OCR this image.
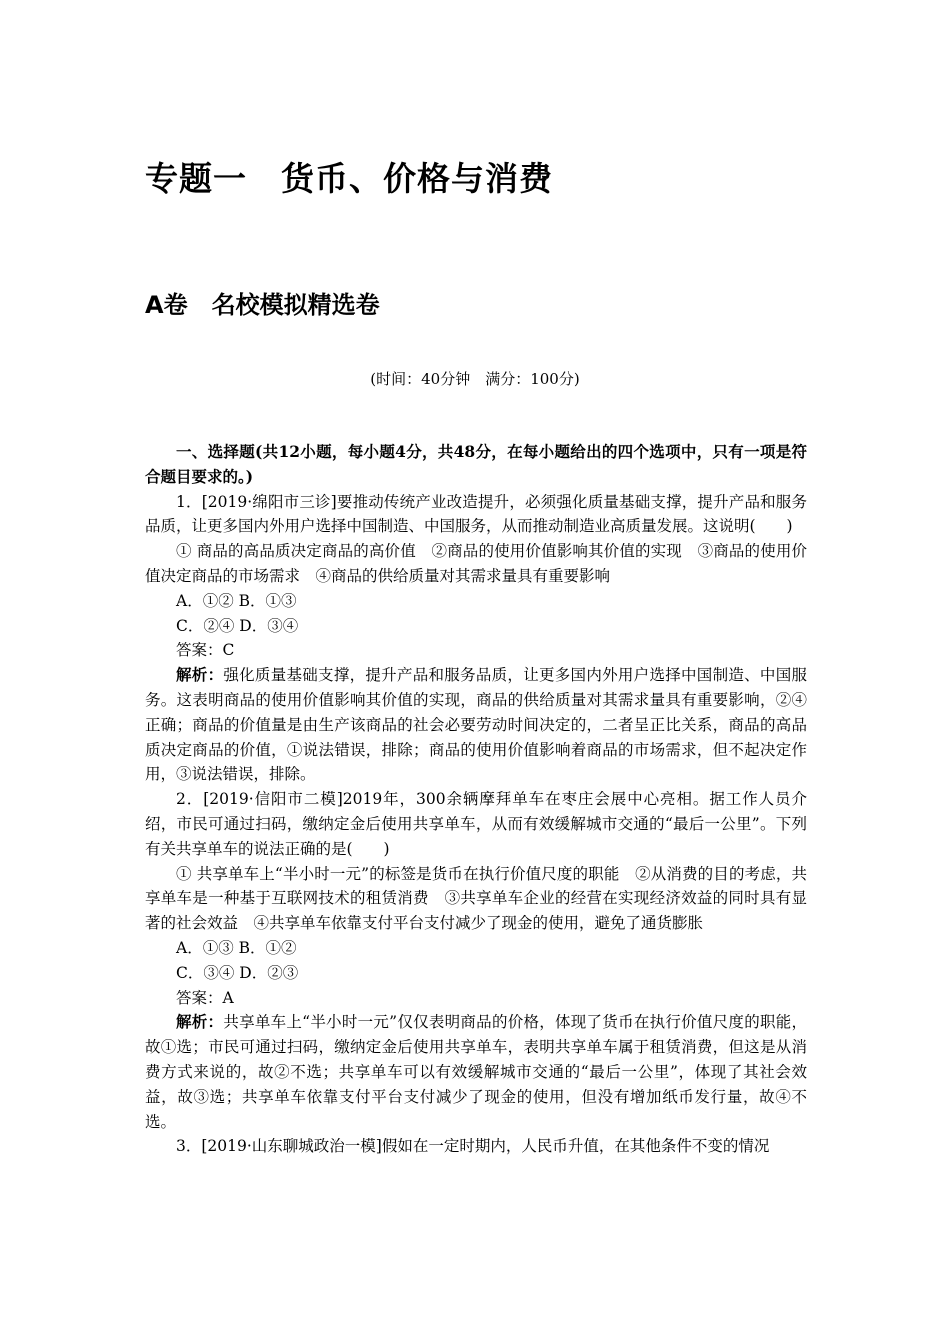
专题一　货币、价格与消费
A卷　名校模拟精选卷
(时间：40分钟　满分：100分)

一、选择题(共12小题，每小题4分，共48分，在每小题给出的四个选项中，只有一项是符合题目要求的。)

1．[2019·绵阳市三诊]要推动传统产业改造提升，必须强化质量基础支撑，提升产品和服务品质，让更多国内外用户选择中国制造、中国服务，从而推动制造业高质量发展。这说明(　　)

① 商品的高品质决定商品的高价值　②商品的使用价值影响其价值的实现　③商品的使用价值决定商品的市场需求　④商品的供给质量对其需求量具有重要影响

A．①② B．①③

C．②④ D．③④

答案：C

解析：强化质量基础支撑，提升产品和服务品质，让更多国内外用户选择中国制造、中国服务。这表明商品的使用价值影响其价值的实现，商品的供给质量对其需求量具有重要影响，②④正确；商品的价值量是由生产该商品的社会必要劳动时间决定的，二者呈正比关系，商品的高品质决定商品的价值，①说法错误，排除；商品的使用价值影响着商品的市场需求，但不起决定作用，③说法错误，排除。

2．[2019·信阳市二模]2019年，300余辆摩拜单车在枣庄会展中心亮相。据工作人员介绍，市民可通过扫码，缴纳定金后使用共享单车，从而有效缓解城市交通的“最后一公里”。下列有关共享单车的说法正确的是(　　)

① 共享单车上“半小时一元”的标签是货币在执行价值尺度的职能　②从消费的目的考虑，共享单车是一种基于互联网技术的租赁消费　③共享单车企业的经营在实现经济效益的同时具有显著的社会效益　④共享单车依靠支付平台支付减少了现金的使用，避免了通货膨胀

A．①③ B．①②

C．③④ D．②③

答案：A

解析：共享单车上“半小时一元”仅仅表明商品的价格，体现了货币在执行价值尺度的职能，故①选；市民可通过扫码，缴纳定金后使用共享单车，表明共享单车属于租赁消费，但这是从消费方式来说的，故②不选；共享单车可以有效缓解城市交通的“最后一公里”，体现了其社会效益，故③选；共享单车依靠支付平台支付减少了现金的使用，但没有增加纸币发行量，故④不选。

3．[2019·山东聊城政治一模]假如在一定时期内，人民币升值，在其他条件不变的情况
